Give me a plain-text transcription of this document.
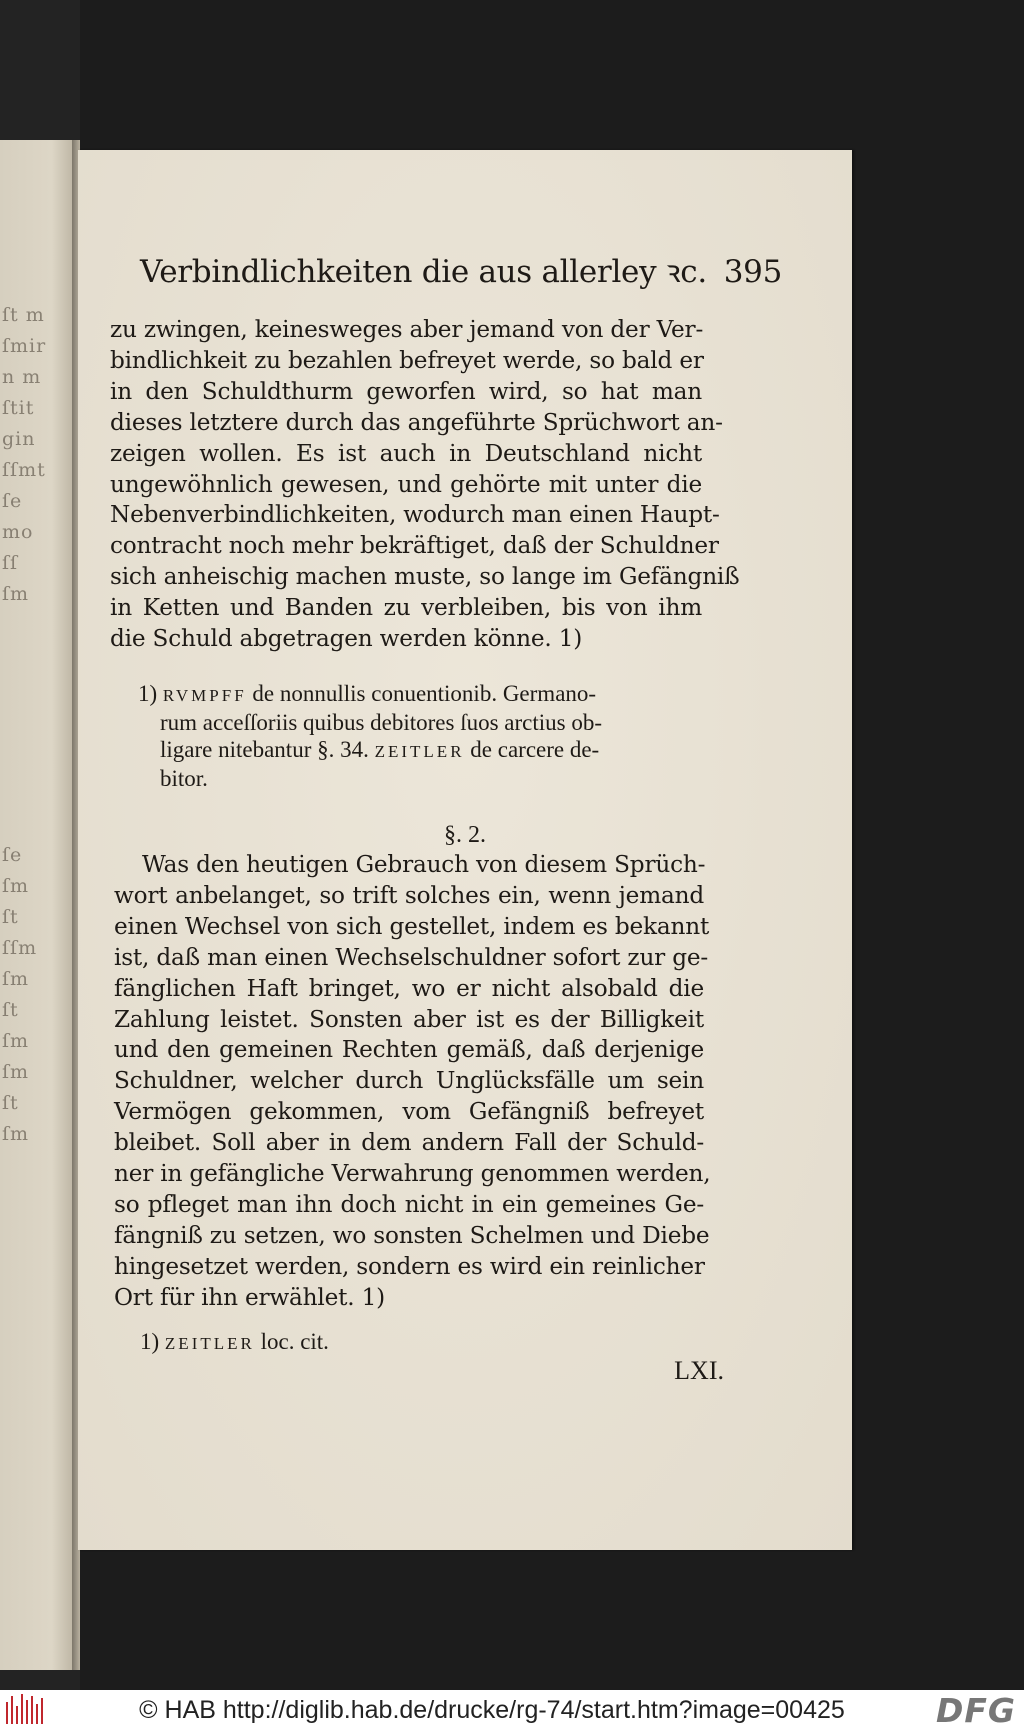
ſt m
ſmir
n m
ſtit
gin
ſſmt
ſe
mo
ſſ
ſm
ſe
ſm
ſt
ſſm
ſm
ſt
ſm
ſm
ſt
ſm
Verbindlichkeiten die aus allerley ꝛc. 395
zu zwingen, keinesweges aber jemand von der Ver-
bindlichkeit zu bezahlen befreyet werde, so bald er
in den Schuldthurm geworfen wird, so hat man
dieses letztere durch das angeführte Sprüchwort an-
zeigen wollen. Es ist auch in Deutschland nicht
ungewöhnlich gewesen, und gehörte mit unter die
Nebenverbindlichkeiten, wodurch man einen Haupt-
contracht noch mehr bekräftiget, daß der Schuldner
sich anheischig machen muste, so lange im Gefängniß
in Ketten und Banden zu verbleiben, bis von ihm
die Schuld abgetragen werden könne. 1)
1) RVMPFF de nonnullis conuentionib. Germano-
rum acceſſoriis quibus debitores ſuos arctius ob-
ligare nitebantur §. 34. ZEITLER de carcere de-
bitor.
§. 2.
Was den heutigen Gebrauch von diesem Sprüch-
wort anbelanget, so trift solches ein, wenn jemand
einen Wechsel von sich gestellet, indem es bekannt
ist, daß man einen Wechselschuldner sofort zur ge-
fänglichen Haft bringet, wo er nicht alsobald die
Zahlung leistet. Sonsten aber ist es der Billigkeit
und den gemeinen Rechten gemäß, daß derjenige
Schuldner, welcher durch Unglücksfälle um sein
Vermögen gekommen, vom Gefängniß befreyet
bleibet. Soll aber in dem andern Fall der Schuld-
ner in gefängliche Verwahrung genommen werden,
so pfleget man ihn doch nicht in ein gemeines Ge-
fängniß zu setzen, wo sonsten Schelmen und Diebe
hingesetzet werden, sondern es wird ein reinlicher
Ort für ihn erwählet. 1)
1) ZEITLER loc. cit.
LXI.
© HAB http://diglib.hab.de/drucke/rg-74/start.htm?image=00425	DFG
